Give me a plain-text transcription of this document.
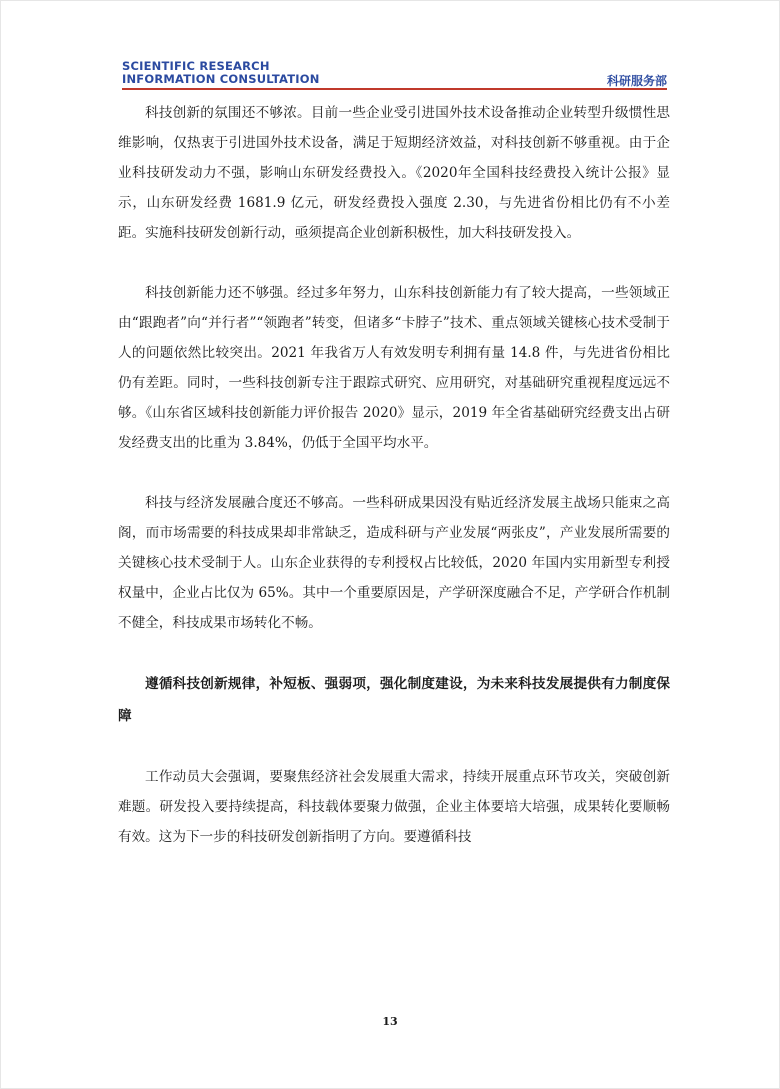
SCIENTIFIC RESEARCH
INFORMATION CONSULTATION	科研服务部

科技创新的氛围还不够浓。目前一些企业受引进国外技术设备推动企业转型升级惯性思维影响，仅热衷于引进国外技术设备，满足于短期经济效益，对科技创新不够重视。由于企业科技研发动力不强，影响山东研发经费投入。《2020年全国科技经费投入统计公报》显示，山东研发经费 1681.9 亿元，研发经费投入强度 2.30，与先进省份相比仍有不小差距。实施科技研发创新行动，亟须提高企业创新积极性，加大科技研发投入。

科技创新能力还不够强。经过多年努力，山东科技创新能力有了较大提高，一些领域正由“跟跑者”向“并行者”“领跑者”转变，但诸多“卡脖子”技术、重点领域关键核心技术受制于人的问题依然比较突出。2021 年我省万人有效发明专利拥有量 14.8 件，与先进省份相比仍有差距。同时，一些科技创新专注于跟踪式研究、应用研究，对基础研究重视程度远远不够。《山东省区域科技创新能力评价报告 2020》显示，2019 年全省基础研究经费支出占研发经费支出的比重为 3.84%，仍低于全国平均水平。

科技与经济发展融合度还不够高。一些科研成果因没有贴近经济发展主战场只能束之高阁，而市场需要的科技成果却非常缺乏，造成科研与产业发展“两张皮”，产业发展所需要的关键核心技术受制于人。山东企业获得的专利授权占比较低，2020 年国内实用新型专利授权量中，企业占比仅为 65%。其中一个重要原因是，产学研深度融合不足，产学研合作机制不健全，科技成果市场转化不畅。

遵循科技创新规律，补短板、强弱项，强化制度建设，为未来科技发展提供有力制度保障

工作动员大会强调，要聚焦经济社会发展重大需求，持续开展重点环节攻关，突破创新难题。研发投入要持续提高，科技载体要聚力做强，企业主体要培大培强，成果转化要顺畅有效。这为下一步的科技研发创新指明了方向。要遵循科技

13
